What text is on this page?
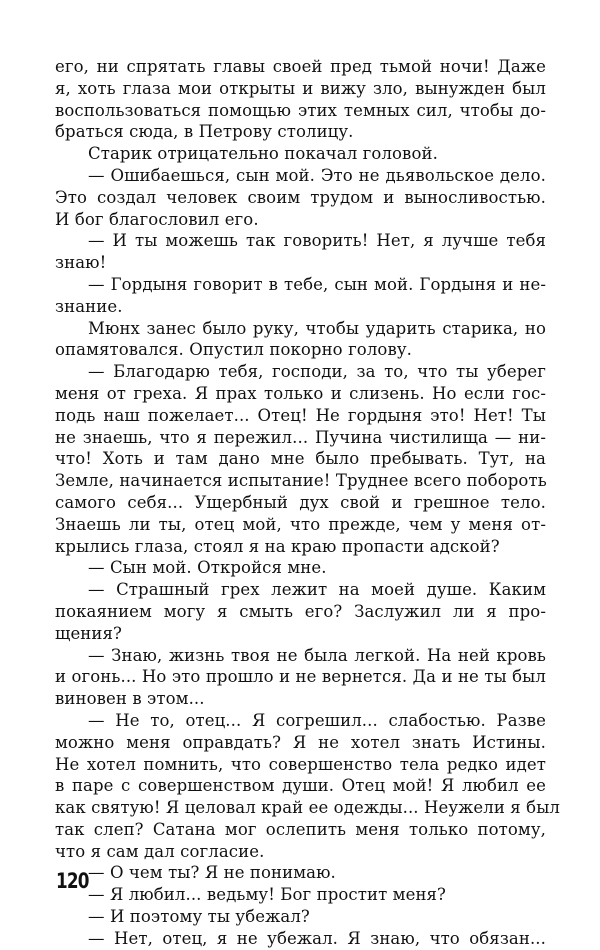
его, ни спрятать главы своей пред тьмой ночи! Даже
я, хоть глаза мои открыты и вижу зло, вынужден был
воспользоваться помощью этих темных сил, чтобы до-
браться сюда, в Петрову столицу.
Старик отрицательно покачал головой.
— Ошибаешься, сын мой. Это не дьявольское дело.
Это создал человек своим трудом и выносливостью.
И бог благословил его.
— И ты можешь так говорить! Нет, я лучше тебя
знаю!
— Гордыня говорит в тебе, сын мой. Гордыня и не-
знание.
Мюнх занес было руку, чтобы ударить старика, но
опамятовался. Опустил покорно голову.
— Благодарю тебя, господи, за то, что ты уберег
меня от греха. Я прах только и слизень. Но если гос-
подь наш пожелает... Отец! Не гордыня это! Нет! Ты
не знаешь, что я пережил... Пучина чистилища — ни-
что! Хоть и там дано мне было пребывать. Тут, на
Земле, начинается испытание! Труднее всего побороть
самого себя... Ущербный дух свой и грешное тело.
Знаешь ли ты, отец мой, что прежде, чем у меня от-
крылись глаза, стоял я на краю пропасти адской?
— Сын мой. Откройся мне.
— Страшный грех лежит на моей душе. Каким
покаянием могу я смыть его? Заслужил ли я про-
щения?
— Знаю, жизнь твоя не была легкой. На ней кровь
и огонь... Но это прошло и не вернется. Да и не ты был
виновен в этом...
— Не то, отец... Я согрешил... слабостью. Разве
можно меня оправдать? Я не хотел знать Истины.
Не хотел помнить, что совершенство тела редко идет
в паре с совершенством души. Отец мой! Я любил ее
как святую! Я целовал край ее одежды... Неужели я был
так слеп? Сатана мог ослепить меня только потому,
что я сам дал согласие.
— О чем ты? Я не понимаю.
— Я любил... ведьму! Бог простит меня?
— И поэтому ты убежал?
— Нет, отец, я не убежал. Я знаю, что обязан...
120
